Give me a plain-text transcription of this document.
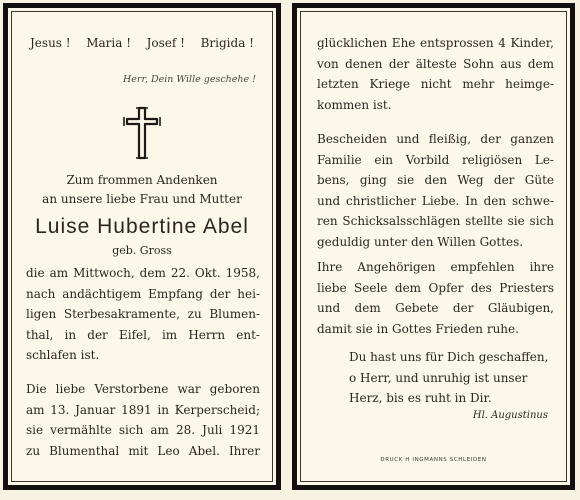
Jesus ! Maria ! Josef ! Brigida !
Herr, Dein Wille geschehe !
Zum frommen Andenken
an unsere liebe Frau und Mutter
Luise Hubertine Abel
geb. Gross
die am Mittwoch, dem 22. Okt. 1958,
nach andächtigem Empfang der hei-
ligen Sterbesakramente, zu Blumen-
thal, in der Eifel, im Herrn ent-
schlafen ist.
Die liebe Verstorbene war geboren
am 13. Januar 1891 in Kerperscheid;
sie vermählte sich am 28. Juli 1921
zu Blumenthal mit Leo Abel. Ihrer
glücklichen Ehe entsprossen 4 Kinder,
von denen der älteste Sohn aus dem
letzten Kriege nicht mehr heimge-
kommen ist.
Bescheiden und fleißig, der ganzen
Familie ein Vorbild religiösen Le-
bens, ging sie den Weg der Güte
und christlicher Liebe. In den schwe-
ren Schicksalsschlägen stellte sie sich
geduldig unter den Willen Gottes.
Ihre Angehörigen empfehlen ihre
liebe Seele dem Opfer des Priesters
und dem Gebete der Gläubigen,
damit sie in Gottes Frieden ruhe.
Du hast uns für Dich geschaffen,
o Herr, und unruhig ist unser
Herz, bis es ruht in Dir.
Hl. Augustinus
DRUCK H INGMANNS SCHLEIDEN
